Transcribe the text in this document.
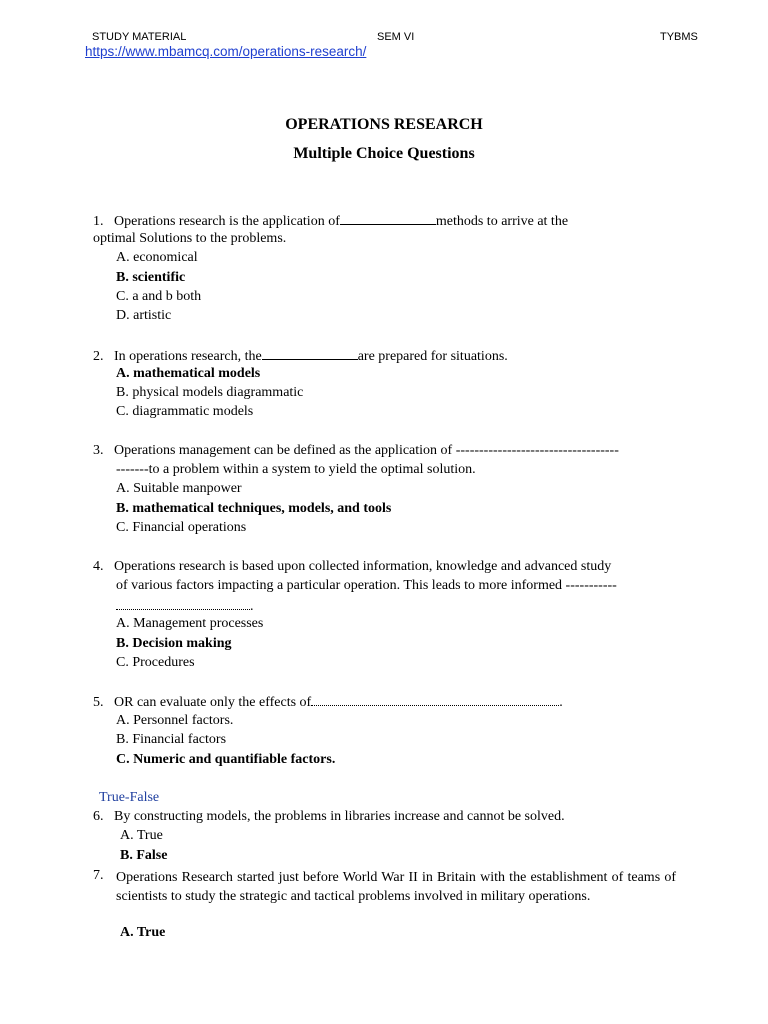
STUDY MATERIAL	SEM VI	TYBMS
https://www.mbamcq.com/operations-research/
OPERATIONS RESEARCH
Multiple Choice Questions
1. Operations research is the application of	methods to arrive at the
optimal Solutions to the problems.
A. economical
B. scientific
C. a and b both
D. artistic
2. In operations research, the	are prepared for situations.
A. mathematical models
B. physical models diagrammatic
C. diagrammatic models
3. Operations management can be defined as the application of -----------------------------------
-------to a problem within a system to yield the optimal solution.
A. Suitable manpower
B. mathematical techniques, models, and tools
C. Financial operations
4. Operations research is based upon collected information, knowledge and advanced study
of various factors impacting a particular operation. This leads to more informed -----------
.
A. Management processes
B. Decision making
C. Procedures
5. OR can evaluate only the effects of	.
A. Personnel factors.
B. Financial factors
C. Numeric and quantifiable factors.
True-False
6. By constructing models, the problems in libraries increase and cannot be solved.
A. True
B. False
7. Operations Research started just before World War II in Britain with the establishment of teams of scientists to study the strategic and tactical problems involved in military operations.
A. True
